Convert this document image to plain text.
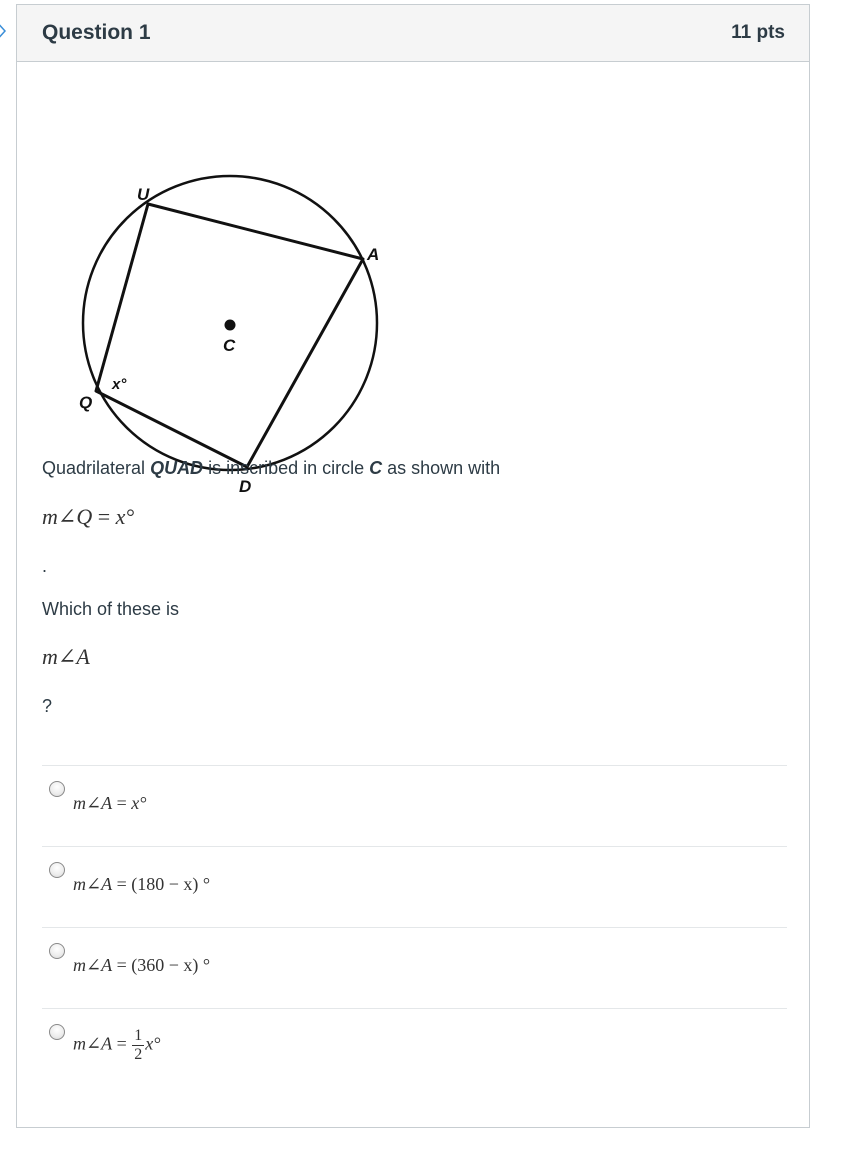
Question 1	11 pts
U
A
C
Q
D
x°
Quadrilateral QUAD is inscribed in circle C as shown with
m∠Q = x°
.
Which of these is
m∠A
?
m∠A = x°
m∠A = (180 − x) °
m∠A = (360 − x) °
m∠A = $\frac{1}{2} x^\circ$
